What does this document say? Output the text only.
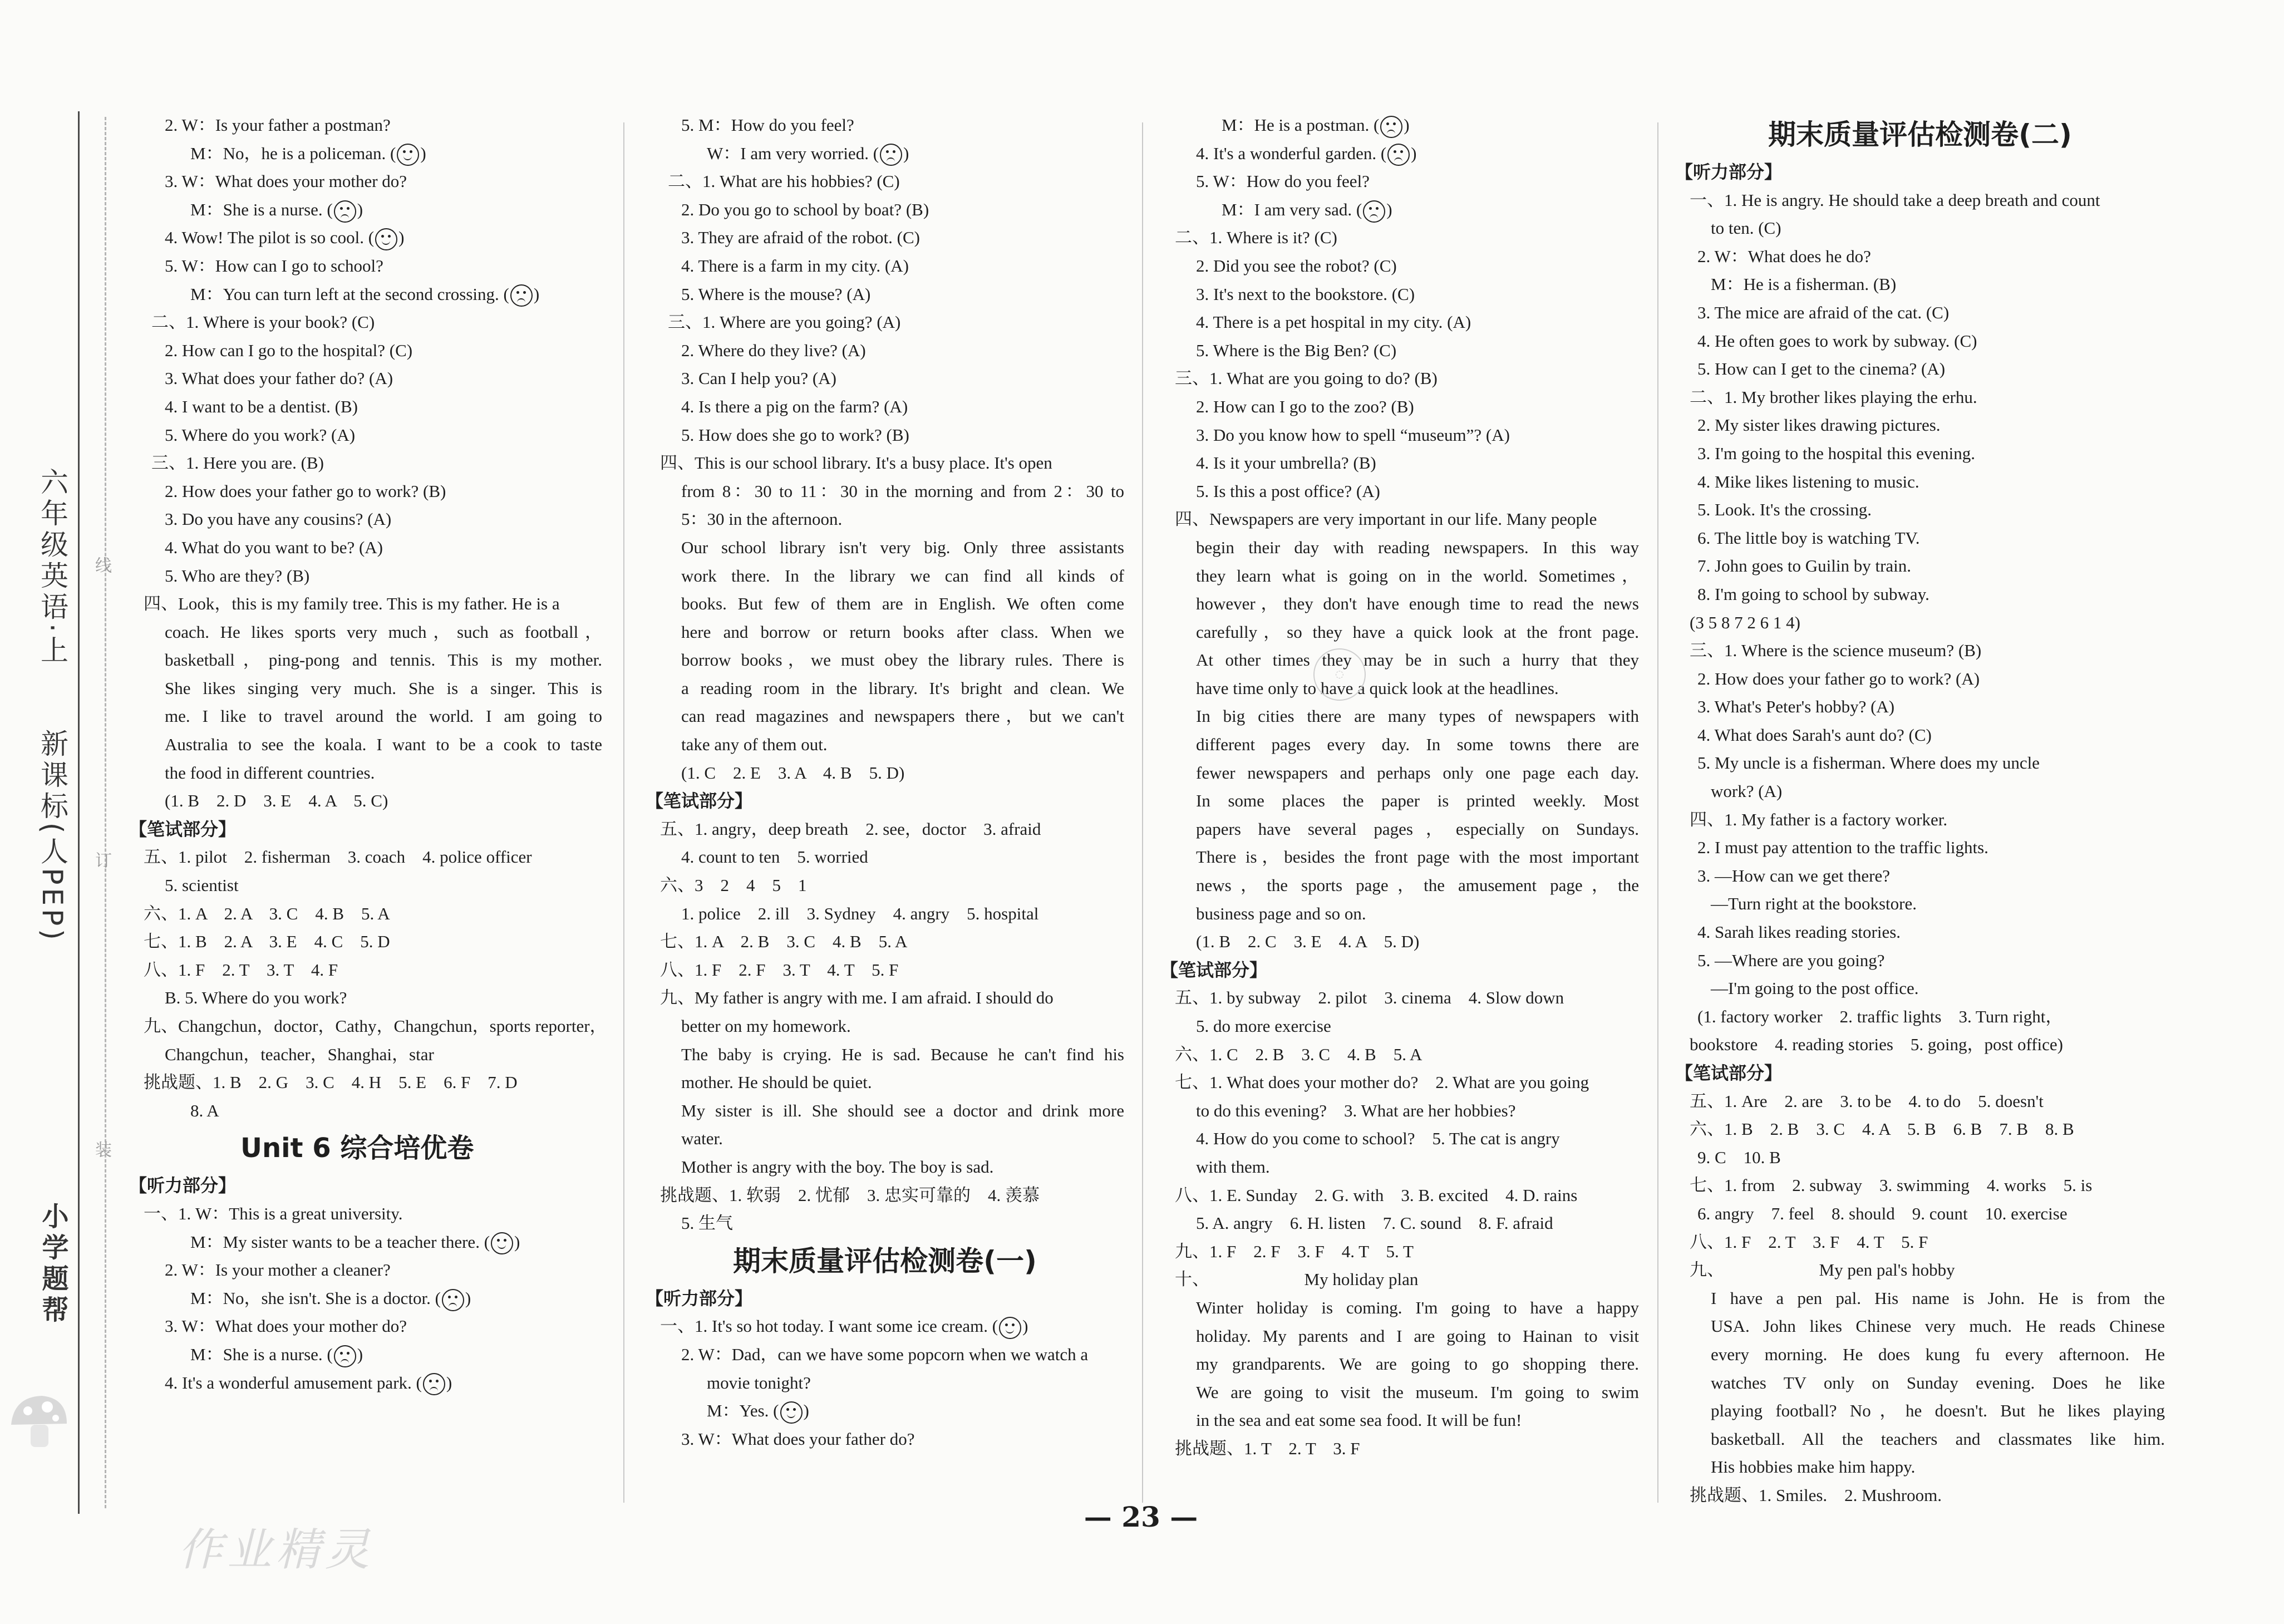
六年级英语·上　　新课标(人PEP)
小学题帮
装
订
线
作业精灵
2. W：Is your father a postman?
M：No，he is a policeman. ( )
3. W：What does your mother do?
M：She is a nurse. ( )
4. Wow! The pilot is so cool. ( )
5. W：How can I go to school?
M：You can turn left at the second crossing. ( )
二、1. Where is your book? (C)
2. How can I go to the hospital? (C)
3. What does your father do? (A)
4. I want to be a dentist. (B)
5. Where do you work? (A)
三、1. Here you are. (B)
2. How does your father go to work? (B)
3. Do you have any cousins? (A)
4. What do you want to be? (A)
5. Who are they? (B)
四、Look，this is my family tree. This is my father. He is a
coach. He likes sports very much，such as football，
basketball，ping-pong and tennis. This is my mother.
She likes singing very much. She is a singer. This is
me. I like to travel around the world. I am going to
Australia to see the koala. I want to be a cook to taste
the food in different countries.
(1. B　2. D　3. E　4. A　5. C)
【笔试部分】
五、1. pilot　2. fisherman　3. coach　4. police officer
5. scientist
六、1. A　2. A　3. C　4. B　5. A
七、1. B　2. A　3. E　4. C　5. D
八、1. F　2. T　3. T　4. F
B. 5. Where do you work?
九、Changchun，doctor，Cathy，Changchun，sports reporter，
Changchun，teacher，Shanghai，star
挑战题、1. B　2. G　3. C　4. H　5. E　6. F　7. D
8. A
Unit 6 综合培优卷
【听力部分】
一、1. W：This is a great university.
M：My sister wants to be a teacher there. ( )
2. W：Is your mother a cleaner?
M：No，she isn't. She is a doctor. ( )
3. W：What does your mother do?
M：She is a nurse. ( )
4. It's a wonderful amusement park. ( )
5. M：How do you feel?
W：I am very worried. ( )
二、1. What are his hobbies? (C)
2. Do you go to school by boat? (B)
3. They are afraid of the robot. (C)
4. There is a farm in my city. (A)
5. Where is the mouse? (A)
三、1. Where are you going? (A)
2. Where do they live? (A)
3. Can I help you? (A)
4. Is there a pig on the farm? (A)
5. How does she go to work? (B)
四、This is our school library. It's a busy place. It's open
from 8：30 to 11：30 in the morning and from 2：30 to
5：30 in the afternoon.
Our school library isn't very big. Only three assistants
work there. In the library we can find all kinds of
books. But few of them are in English. We often come
here and borrow or return books after class. When we
borrow books，we must obey the library rules. There is
a reading room in the library. It's bright and clean. We
can read magazines and newspapers there，but we can't
take any of them out.
(1. C　2. E　3. A　4. B　5. D)
【笔试部分】
五、1. angry，deep breath　2. see，doctor　3. afraid
4. count to ten　5. worried
六、3　2　4　5　1
1. police　2. ill　3. Sydney　4. angry　5. hospital
七、1. A　2. B　3. C　4. B　5. A
八、1. F　2. F　3. T　4. T　5. F
九、My father is angry with me. I am afraid. I should do
better on my homework.
The baby is crying. He is sad. Because he can't find his
mother. He should be quiet.
My sister is ill. She should see a doctor and drink more
water.
Mother is angry with the boy. The boy is sad.
挑战题、1. 软弱　2. 忧郁　3. 忠实可靠的　4. 羡慕
5. 生气
期末质量评估检测卷(一)
【听力部分】
一、1. It's so hot today. I want some ice cream. ( )
2. W：Dad，can we have some popcorn when we watch a
movie tonight?
M：Yes. ( )
3. W：What does your father do?
M：He is a postman. ( )
4. It's a wonderful garden. ( )
5. W：How do you feel?
M：I am very sad. ( )
二、1. Where is it? (C)
2. Did you see the robot? (C)
3. It's next to the bookstore. (C)
4. There is a pet hospital in my city. (A)
5. Where is the Big Ben? (C)
三、1. What are you going to do? (B)
2. How can I go to the zoo? (B)
3. Do you know how to spell “museum”? (A)
4. Is it your umbrella? (B)
5. Is this a post office? (A)
四、Newspapers are very important in our life. Many people
begin their day with reading newspapers. In this way
they learn what is going on in the world. Sometimes，
however，they don't have enough time to read the news
carefully，so they have a quick look at the front page.
At other times they may be in such a hurry that they
have time only to have a quick look at the headlines.
In big cities there are many types of newspapers with
different pages every day. In some towns there are
fewer newspapers and perhaps only one page each day.
In some places the paper is printed weekly. Most
papers have several pages，especially on Sundays.
There is，besides the front page with the most important
news，the sports page，the amusement page，the
business page and so on.
(1. B　2. C　3. E　4. A　5. D)
【笔试部分】
五、1. by subway　2. pilot　3. cinema　4. Slow down
5. do more exercise
六、1. C　2. B　3. C　4. B　5. A
七、1. What does your mother do?　2. What are you going
to do this evening?　3. What are her hobbies?
4. How do you come to school?　5. The cat is angry
with them.
八、1. E. Sunday　2. G. with　3. B. excited　4. D. rains
5. A. angry　6. H. listen　7. C. sound　8. F. afraid
九、1. F　2. F　3. F　4. T　5. T
十、　　　　　　My holiday plan
Winter holiday is coming. I'm going to have a happy
holiday. My parents and I are going to Hainan to visit
my grandparents. We are going to go shopping there.
We are going to visit the museum. I'm going to swim
in the sea and eat some sea food. It will be fun!
挑战题、1. T　2. T　3. F
期末质量评估检测卷(二)
【听力部分】
一、1. He is angry. He should take a deep breath and count
to ten. (C)
2. W：What does he do?
M：He is a fisherman. (B)
3. The mice are afraid of the cat. (C)
4. He often goes to work by subway. (C)
5. How can I get to the cinema? (A)
二、1. My brother likes playing the erhu.
2. My sister likes drawing pictures.
3. I'm going to the hospital this evening.
4. Mike likes listening to music.
5. Look. It's the crossing.
6. The little boy is watching TV.
7. John goes to Guilin by train.
8. I'm going to school by subway.
(3 5 8 7 2 6 1 4)
三、1. Where is the science museum? (B)
2. How does your father go to work? (A)
3. What's Peter's hobby? (A)
4. What does Sarah's aunt do? (C)
5. My uncle is a fisherman. Where does my uncle
work? (A)
四、1. My father is a factory worker.
2. I must pay attention to the traffic lights.
3. —How can we get there?
—Turn right at the bookstore.
4. Sarah likes reading stories.
5. —Where are you going?
—I'm going to the post office.
(1. factory worker　2. traffic lights　3. Turn right，
bookstore　4. reading stories　5. going，post office)
【笔试部分】
五、1. Are　2. are　3. to be　4. to do　5. doesn't
六、1. B　2. B　3. C　4. A　5. B　6. B　7. B　8. B
9. C　10. B
七、1. from　2. subway　3. swimming　4. works　5. is
6. angry　7. feel　8. should　9. count　10. exercise
八、1. F　2. T　3. F　4. T　5. F
九、　　　　　　My pen pal's hobby
I have a pen pal. His name is John. He is from the
USA. John likes Chinese very much. He reads Chinese
every morning. He does kung fu every afternoon. He
watches TV only on Sunday evening. Does he like
playing football? No，he doesn't. But he likes playing
basketball. All the teachers and classmates like him.
His hobbies make him happy.
挑战题、1. Smiles.　2. Mushroom.
◌
— 23 —
